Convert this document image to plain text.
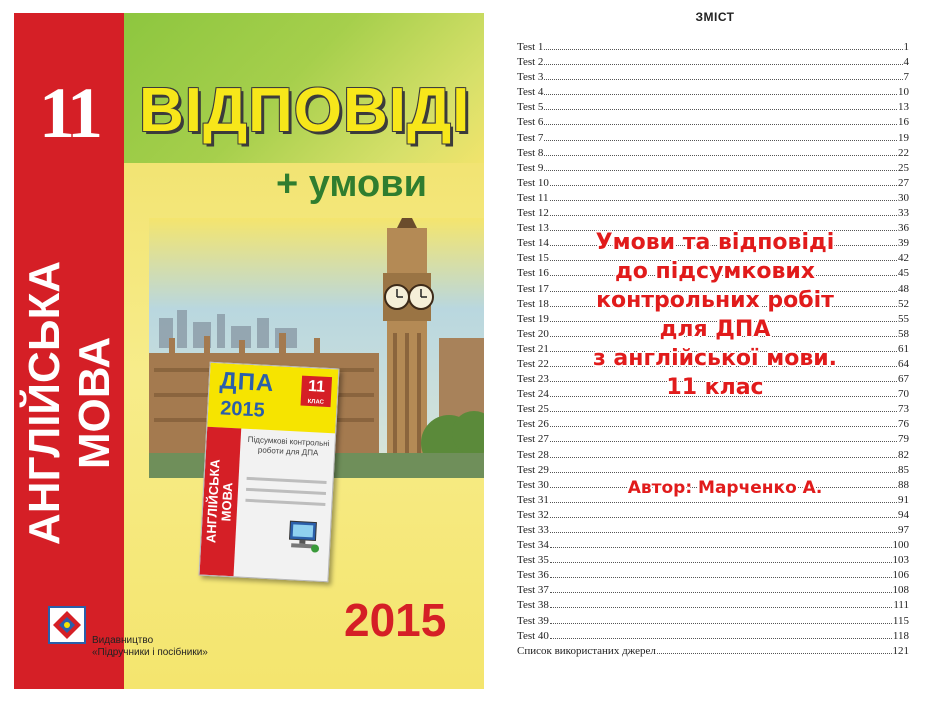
11
АНГЛІЙСЬКА МОВА
ВІДПОВІДІ
+ умови
ДПА
2015
11
КЛАС
АНГЛІЙСЬКА
МОВА
Підсумкові контрольні роботи для ДПА
2015
Видавництво
«Підручники і посібники»
ЗМІСТ
Test 1	1
Test 2	4
Test 3	7
Test 4	10
Test 5	13
Test 6	16
Test 7	19
Test 8	22
Test 9	25
Test 10	27
Test 11	30
Test 12	33
Test 13	36
Test 14	39
Test 15	42
Test 16	45
Test 17	48
Test 18	52
Test 19	55
Test 20	58
Test 21	61
Test 22	64
Test 23	67
Test 24	70
Test 25	73
Test 26	76
Test 27	79
Test 28	82
Test 29	85
Test 30	88
Test 31	91
Test 32	94
Test 33	97
Test 34	100
Test 35	103
Test 36	106
Test 37	108
Test 38	111
Test 39	115
Test 40	118
Список використаних джерел	121
Умови та відповіді
до підсумкових
контрольних робіт
для ДПА
з англійської мови.
11 клас
Автор: Марченко А.
